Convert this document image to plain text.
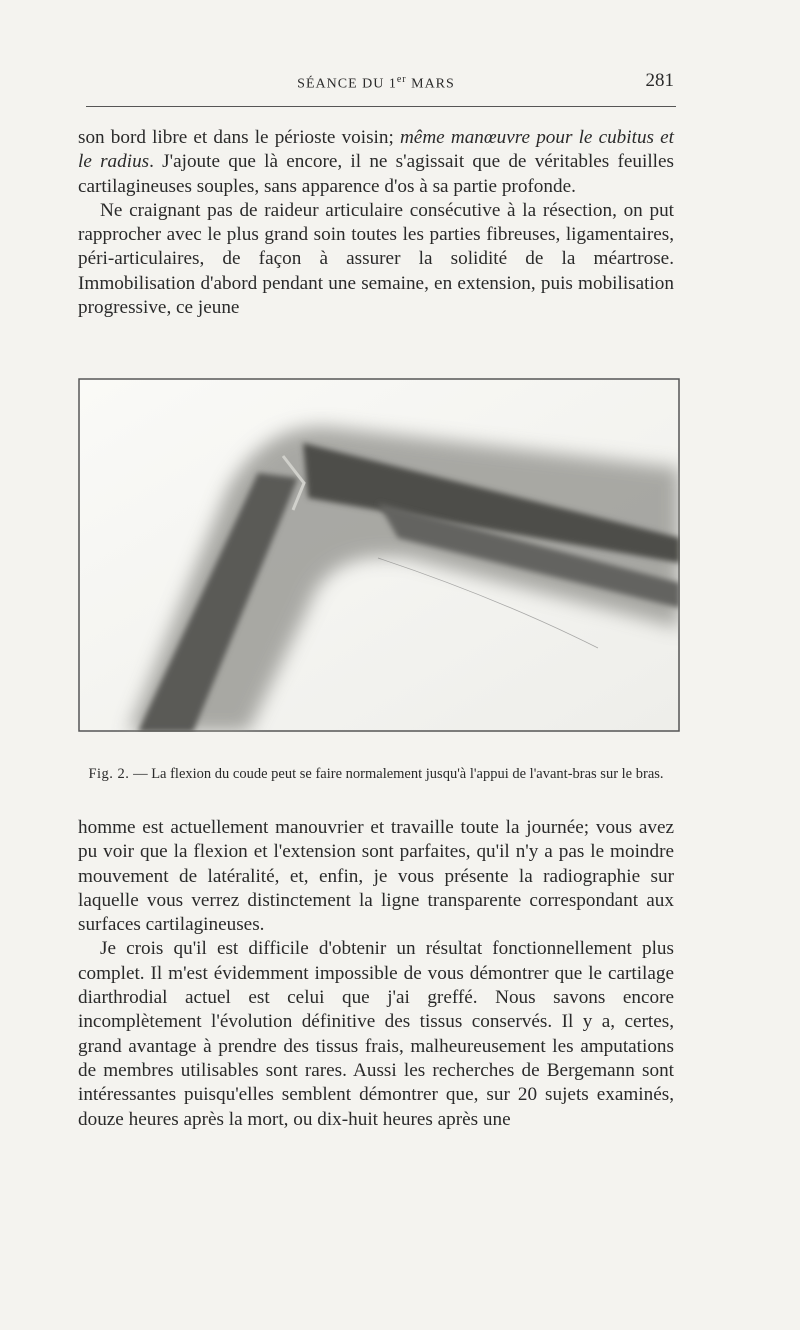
SÉANCE DU 1er MARS	281
son bord libre et dans le périoste voisin; même manœuvre pour le cubitus et le radius. J'ajoute que là encore, il ne s'agissait que de véritables feuilles cartilagineuses souples, sans apparence d'os à sa partie profonde.
Ne craignant pas de raideur articulaire consécutive à la résection, on put rapprocher avec le plus grand soin toutes les parties fibreuses, ligamentaires, péri-articulaires, de façon à assurer la solidité de la méartrose. Immobilisation d'abord pendant une semaine, en extension, puis mobilisation progressive, ce jeune
Fig. 2. — La flexion du coude peut se faire normalement jusqu'à l'appui de l'avant-bras sur le bras.
homme est actuellement manouvrier et travaille toute la journée; vous avez pu voir que la flexion et l'extension sont parfaites, qu'il n'y a pas le moindre mouvement de latéralité, et, enfin, je vous présente la radiographie sur laquelle vous verrez distinctement la ligne transparente correspondant aux surfaces cartilagineuses.
Je crois qu'il est difficile d'obtenir un résultat fonctionnellement plus complet. Il m'est évidemment impossible de vous démontrer que le cartilage diarthrodial actuel est celui que j'ai greffé. Nous savons encore incomplètement l'évolution définitive des tissus conservés. Il y a, certes, grand avantage à prendre des tissus frais, malheureusement les amputations de membres utilisables sont rares. Aussi les recherches de Bergemann sont intéressantes puisqu'elles semblent démontrer que, sur 20 sujets examinés, douze heures après la mort, ou dix-huit heures après une
